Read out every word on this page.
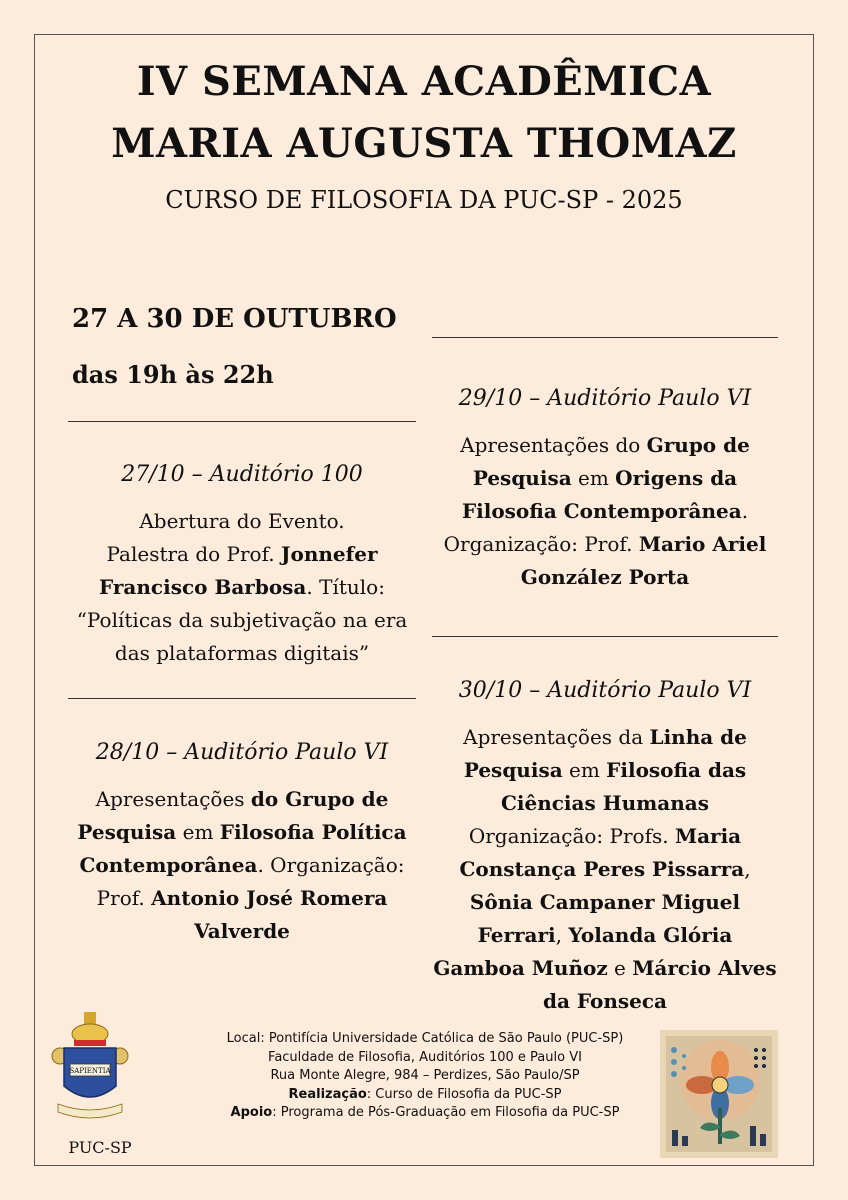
IV SEMANA ACADÊMICA
MARIA AUGUSTA THOMAZ
CURSO DE FILOSOFIA DA PUC-SP - 2025
27 A 30 DE OUTUBRO
das 19h às 22h
27/10 – Auditório 100
Abertura do Evento.
Palestra do Prof. Jonnefer
Francisco Barbosa. Título:
“Políticas da subjetivação na era
das plataformas digitais”
28/10 – Auditório Paulo VI
Apresentações do Grupo de
Pesquisa em Filosofia Política
Contemporânea. Organização:
Prof. Antonio José Romera
Valverde
29/10 – Auditório Paulo VI
Apresentações do Grupo de
Pesquisa em Origens da
Filosofia Contemporânea.
Organização: Prof. Mario Ariel
González Porta
30/10 – Auditório Paulo VI
Apresentações da Linha de
Pesquisa em Filosofia das
Ciências Humanas
Organização: Profs. Maria
Constança Peres Pissarra,
Sônia Campaner Miguel
Ferrari, Yolanda Glória
Gamboa Muñoz e Márcio Alves
da Fonseca
SAPIENTIA
PUC-SP
Local: Pontifícia Universidade Católica de São Paulo (PUC-SP)
Faculdade de Filosofia, Auditórios 100 e Paulo VI
Rua Monte Alegre, 984 – Perdizes, São Paulo/SP
Realização: Curso de Filosofia da PUC-SP
Apoio: Programa de Pós-Graduação em Filosofia da PUC-SP
